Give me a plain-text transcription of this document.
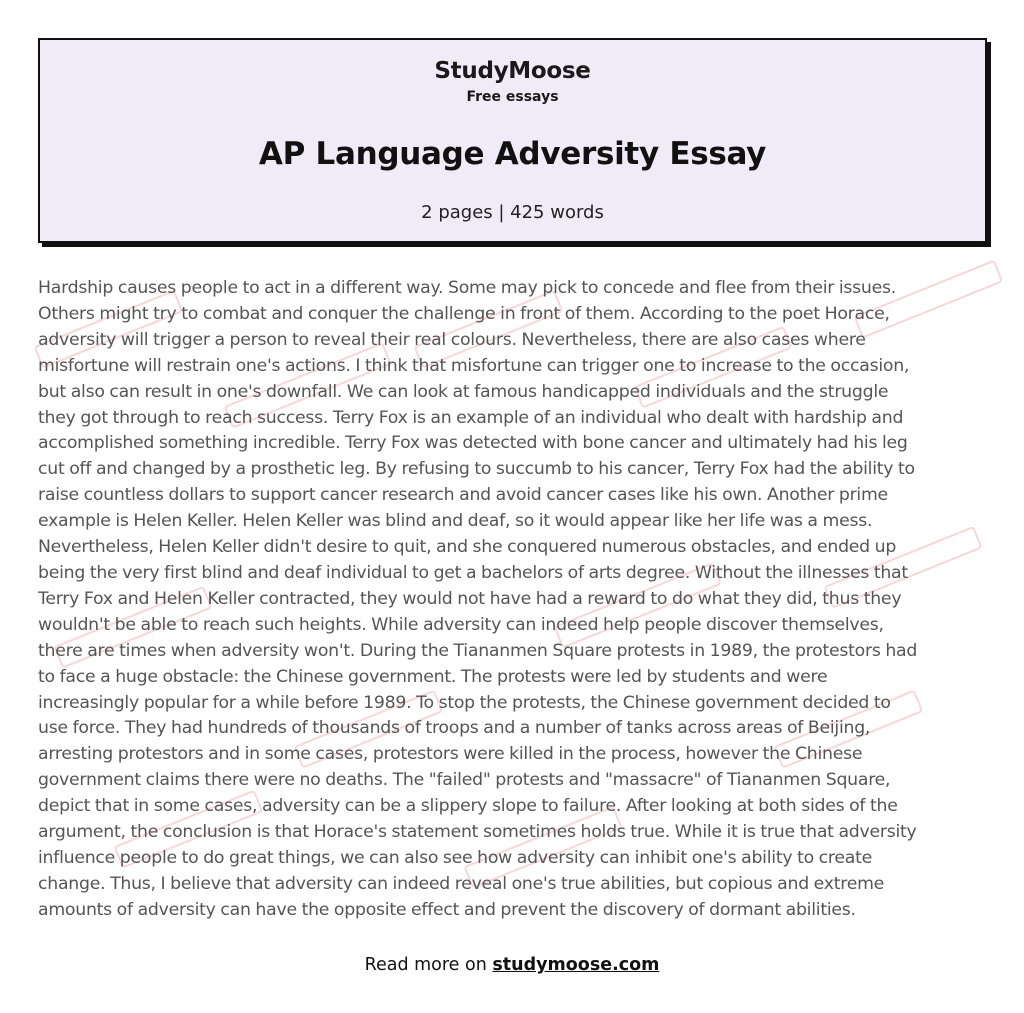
StudyMoose
Free essays
AP Language Adversity Essay
2 pages | 425 words
Hardship causes people to act in a different way. Some may pick to concede and flee from their issues.
Others might try to combat and conquer the challenge in front of them. According to the poet Horace,
adversity will trigger a person to reveal their real colours. Nevertheless, there are also cases where
misfortune will restrain one's actions. I think that misfortune can trigger one to increase to the occasion,
but also can result in one's downfall. We can look at famous handicapped individuals and the struggle
they got through to reach success. Terry Fox is an example of an individual who dealt with hardship and
accomplished something incredible. Terry Fox was detected with bone cancer and ultimately had his leg
cut off and changed by a prosthetic leg. By refusing to succumb to his cancer, Terry Fox had the ability to
raise countless dollars to support cancer research and avoid cancer cases like his own. Another prime
example is Helen Keller. Helen Keller was blind and deaf, so it would appear like her life was a mess.
Nevertheless, Helen Keller didn't desire to quit, and she conquered numerous obstacles, and ended up
being the very first blind and deaf individual to get a bachelors of arts degree. Without the illnesses that
Terry Fox and Helen Keller contracted, they would not have had a reward to do what they did, thus they
wouldn't be able to reach such heights. While adversity can indeed help people discover themselves,
there are times when adversity won't. During the Tiananmen Square protests in 1989, the protestors had
to face a huge obstacle: the Chinese government. The protests were led by students and were
increasingly popular for a while before 1989. To stop the protests, the Chinese government decided to
use force. They had hundreds of thousands of troops and a number of tanks across areas of Beijing,
arresting protestors and in some cases, protestors were killed in the process, however the Chinese
government claims there were no deaths. The "failed" protests and "massacre" of Tiananmen Square,
depict that in some cases, adversity can be a slippery slope to failure. After looking at both sides of the
argument, the conclusion is that Horace's statement sometimes holds true. While it is true that adversity
influence people to do great things, we can also see how adversity can inhibit one's ability to create
change. Thus, I believe that adversity can indeed reveal one's true abilities, but copious and extreme
amounts of adversity can have the opposite effect and prevent the discovery of dormant abilities.
Read more on studymoose.com
